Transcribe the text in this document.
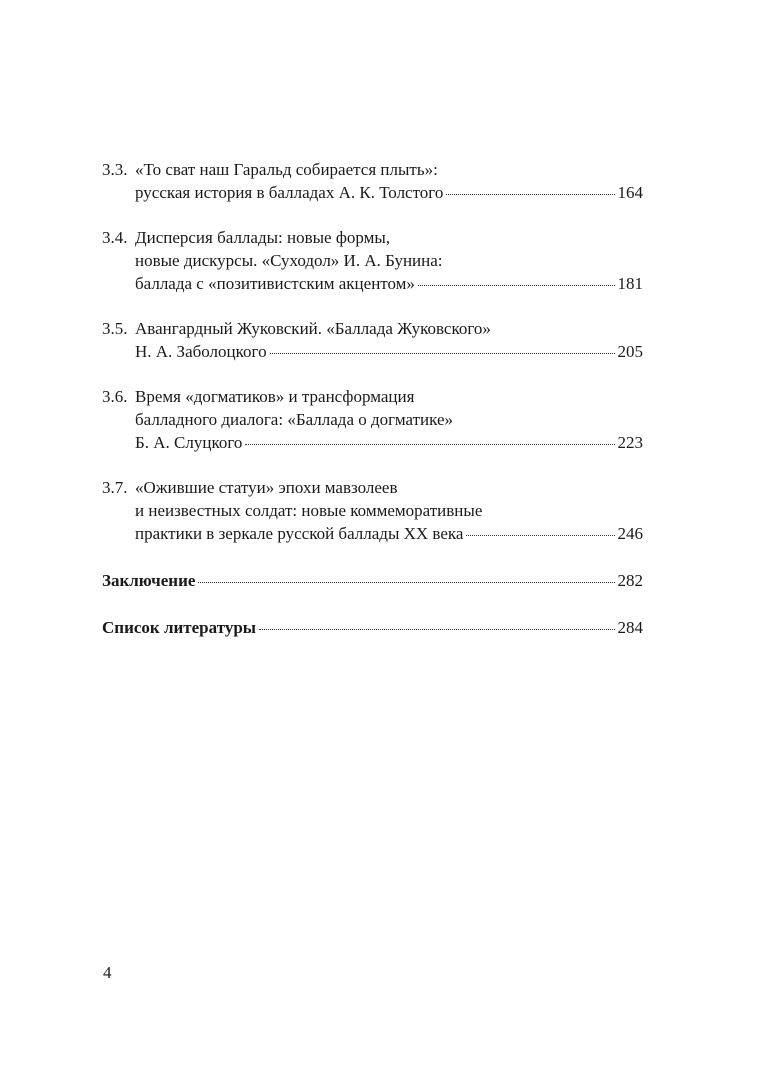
3.3. «То сват наш Гаральд собирается плыть»:
русская история в балладах А. К. Толстого	164
3.4. Дисперсия баллады: новые формы,
новые дискурсы. «Суходол» И. А. Бунина:
баллада с «позитивистским акцентом»	181
3.5. Авангардный Жуковский. «Баллада Жуковского»
Н. А. Заболоцкого	205
3.6. Время «догматиков» и трансформация
балладного диалога: «Баллада о догматике»
Б. А. Слуцкого	223
3.7. «Ожившие статуи» эпохи мавзолеев
и неизвестных солдат: новые коммеморативные
практики в зеркале русской баллады XX века	246
Заключение	282
Список литературы	284
4
